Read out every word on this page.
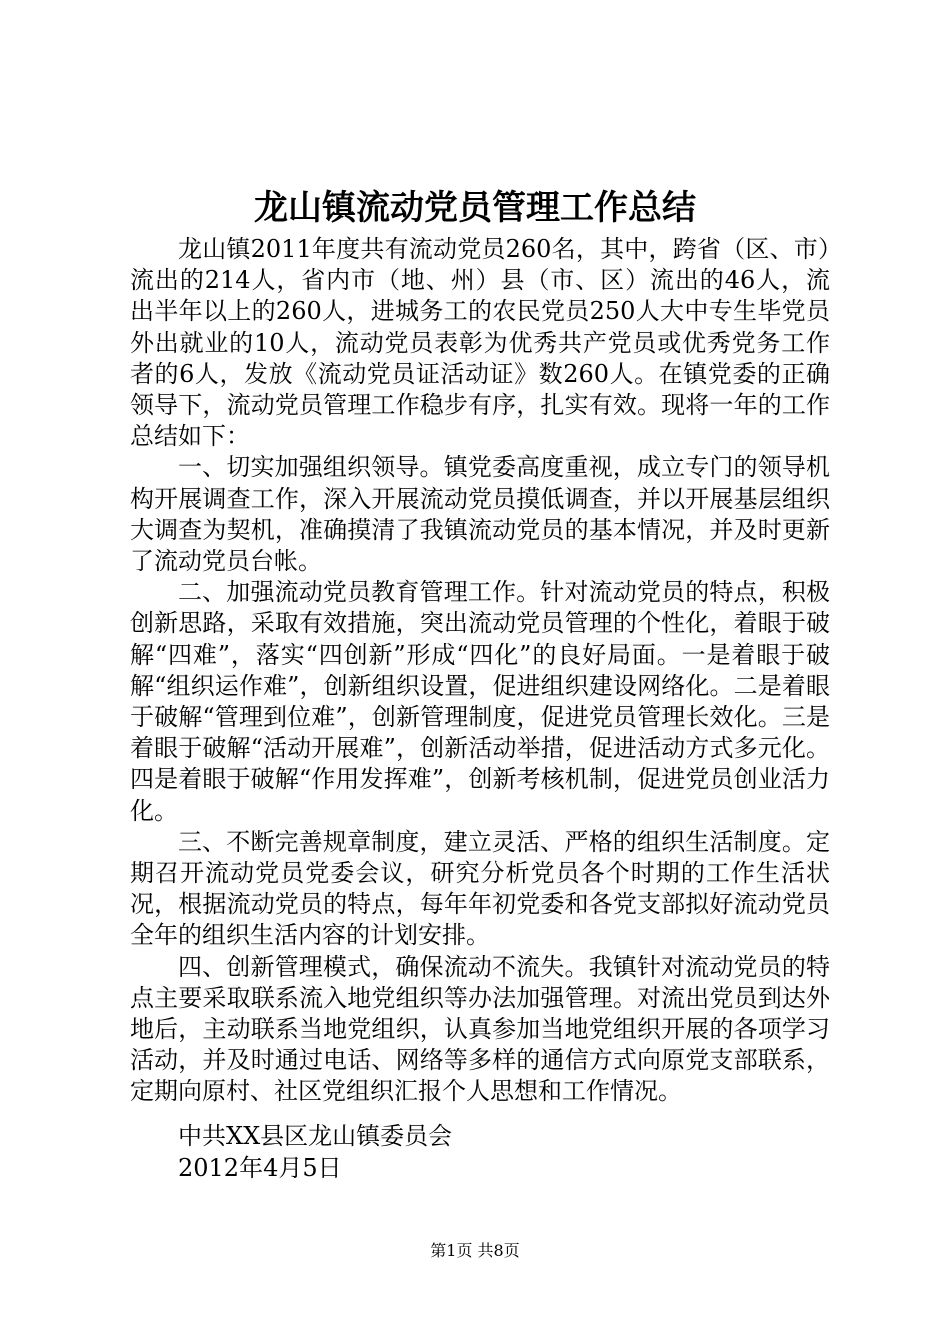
龙山镇流动党员管理工作总结

龙山镇2011年度共有流动党员260名，其中，跨省（区、市）流出的214人，省内市（地、州）县（市、区）流出的46人，流出半年以上的260人，进城务工的农民党员250人大中专生毕党员外出就业的10人，流动党员表彰为优秀共产党员或优秀党务工作者的6人，发放《流动党员证活动证》数260人。在镇党委的正确领导下，流动党员管理工作稳步有序，扎实有效。现将一年的工作总结如下：

一、切实加强组织领导。镇党委高度重视，成立专门的领导机构开展调查工作，深入开展流动党员摸低调查，并以开展基层组织大调查为契机，准确摸清了我镇流动党员的基本情况，并及时更新了流动党员台帐。

二、加强流动党员教育管理工作。针对流动党员的特点，积极创新思路，采取有效措施，突出流动党员管理的个性化，着眼于破解“四难”，落实“四创新”形成“四化”的良好局面。一是着眼于破解“组织运作难”，创新组织设置，促进组织建设网络化。二是着眼于破解“管理到位难”，创新管理制度，促进党员管理长效化。三是着眼于破解“活动开展难”，创新活动举措，促进活动方式多元化。四是着眼于破解“作用发挥难”，创新考核机制，促进党员创业活力化。

三、不断完善规章制度，建立灵活、严格的组织生活制度。定期召开流动党员党委会议，研究分析党员各个时期的工作生活状况，根据流动党员的特点，每年年初党委和各党支部拟好流动党员全年的组织生活内容的计划安排。

四、创新管理模式，确保流动不流失。我镇针对流动党员的特点主要采取联系流入地党组织等办法加强管理。对流出党员到达外地后，主动联系当地党组织，认真参加当地党组织开展的各项学习活动，并及时通过电话、网络等多样的通信方式向原党支部联系，定期向原村、社区党组织汇报个人思想和工作情况。

中共XX县区龙山镇委员会
2012年4月5日
第1页 共8页
